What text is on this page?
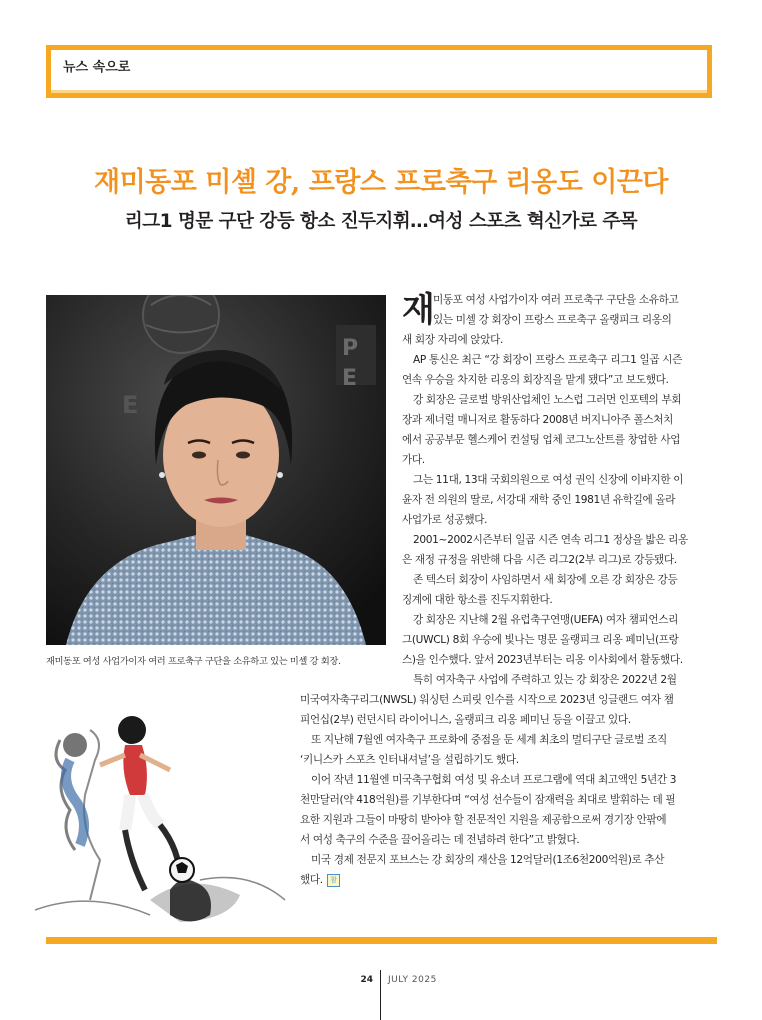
뉴스 속으로
재미동포 미셸 강, 프랑스 프로축구 리옹도 이끈다
리그1 명문 구단 강등 항소 진두지휘…여성 스포츠 혁신가로 주목
P
E
E
재미동포 여성 사업가이자 여러 프로축구 구단을 소유하고 있는 미셸 강 회장.
재

미동포 여성 사업가이자 여러 프로축구 구단을 소유하고

있는 미셸 강 회장이 프랑스 프로축구 올랭피크 리옹의

새 회장 자리에 앉았다.

AP 통신은 최근 “강 회장이 프랑스 프로축구 리그1 일곱 시즌

연속 우승을 차지한 리옹의 회장직을 맡게 됐다”고 보도했다.

강 회장은 글로벌 방위산업체인 노스럽 그러먼 인포텍의 부회

장과 제너럴 매니저로 활동하다 2008년 버지니아주 폴스처치

에서 공공부문 헬스케어 컨설팅 업체 코그노산트를 창업한 사업

가다.

그는 11대, 13대 국회의원으로 여성 권익 신장에 이바지한 이

윤자 전 의원의 딸로, 서강대 재학 중인 1981년 유학길에 올라

사업가로 성공했다.

2001~2002시즌부터 일곱 시즌 연속 리그1 정상을 밟은 리옹

은 재정 규정을 위반해 다음 시즌 리그2(2부 리그)로 강등됐다.

존 텍스터 회장이 사임하면서 새 회장에 오른 강 회장은 강등

징계에 대한 항소를 진두지휘한다.

강 회장은 지난해 2월 유럽축구연맹(UEFA) 여자 챔피언스리

그(UWCL) 8회 우승에 빛나는 명문 올랭피크 리옹 페미닌(프랑

스)을 인수했다. 앞서 2023년부터는 리옹 이사회에서 활동했다.

특히 여자축구 사업에 주력하고 있는 강 회장은 2022년 2월

미국여자축구리그(NWSL) 워싱턴 스피릿 인수를 시작으로 2023년 잉글랜드 여자 챔

피언십(2부) 런던시티 라이어니스, 올랭피크 리옹 페미닌 등을 이끌고 있다.

또 지난해 7월엔 여자축구 프로화에 중점을 둔 세계 최초의 멀티구단 글로벌 조직

‘키니스카 스포츠 인터내셔널’을 설립하기도 했다.

이어 작년 11월엔 미국축구협회 여성 및 유소녀 프로그램에 역대 최고액인 5년간 3

천만달러(약 418억원)를 기부한다며 “여성 선수들이 잠재력을 최대로 발휘하는 데 필

요한 지원과 그들이 마땅히 받아야 할 전문적인 지원을 제공함으로써 경기장 안팎에

서 여성 축구의 수준을 끌어올리는 데 전념하려 한다”고 밝혔다.

미국 경제 전문지 포브스는 강 회장의 재산을 12억달러(1조6천200억원)로 추산

했다. 참

24 JULY 2025
